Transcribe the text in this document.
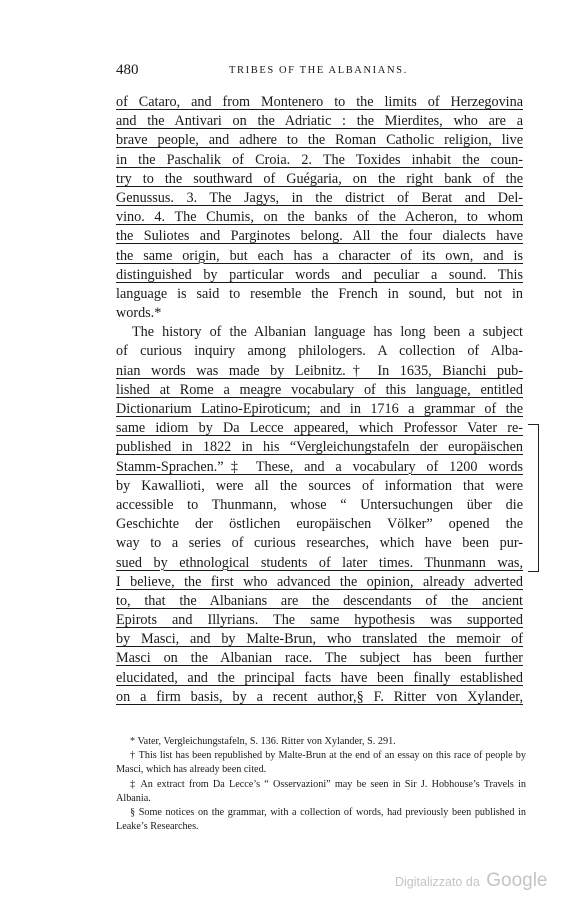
480	TRIBES OF THE ALBANIANS.
of Cataro, and from Montenero to the limits of Herzegovina
and the Antivari on the Adriatic : the Mierdites, who are a
brave people, and adhere to the Roman Catholic religion, live
in the Paschalik of Croia. 2. The Toxides inhabit the coun-
try to the southward of Guégaria, on the right bank of the
Genussus. 3. The Jagys, in the district of Berat and Del-
vino. 4. The Chumis, on the banks of the Acheron, to whom
the Suliotes and Parginotes belong. All the four dialects have
the same origin, but each has a character of its own, and is
distinguished by particular words and peculiar a sound. This
language is said to resemble the French in sound, but not in
words.*
The history of the Albanian language has long been a subject
of curious inquiry among philologers. A collection of Alba-
nian words was made by Leibnitz.† In 1635, Bianchi pub-
lished at Rome a meagre vocabulary of this language, entitled
Dictionarium Latino-Epiroticum; and in 1716 a grammar of the
same idiom by Da Lecce appeared, which Professor Vater re-
published in 1822 in his “Vergleichungstafeln der europäischen
Stamm-Sprachen.”‡ These, and a vocabulary of 1200 words
by Kawallioti, were all the sources of information that were
accessible to Thunmann, whose “ Untersuchungen über die
Geschichte der östlichen europäischen Völker” opened the
way to a series of curious researches, which have been pur-
sued by ethnological students of later times. Thunmann was,
I believe, the first who advanced the opinion, already adverted
to, that the Albanians are the descendants of the ancient
Epirots and Illyrians. The same hypothesis was supported
by Masci, and by Malte-Brun, who translated the memoir of
Masci on the Albanian race. The subject has been further
elucidated, and the principal facts have been finally established
on a firm basis, by a recent author,§ F. Ritter von Xylander,
* Vater, Vergleichungstafeln, S. 136. Ritter von Xylander, S. 291.
† This list has been republished by Malte-Brun at the end of an essay on this race of people by Masci, which has already been cited.
‡ An extract from Da Lecce’s “ Osservazioni” may be seen in Sir J. Hobhouse’s Travels in Albania.
§ Some notices on the grammar, with a collection of words, had previously been published in Leake’s Researches.
Digitalizzato da Google
